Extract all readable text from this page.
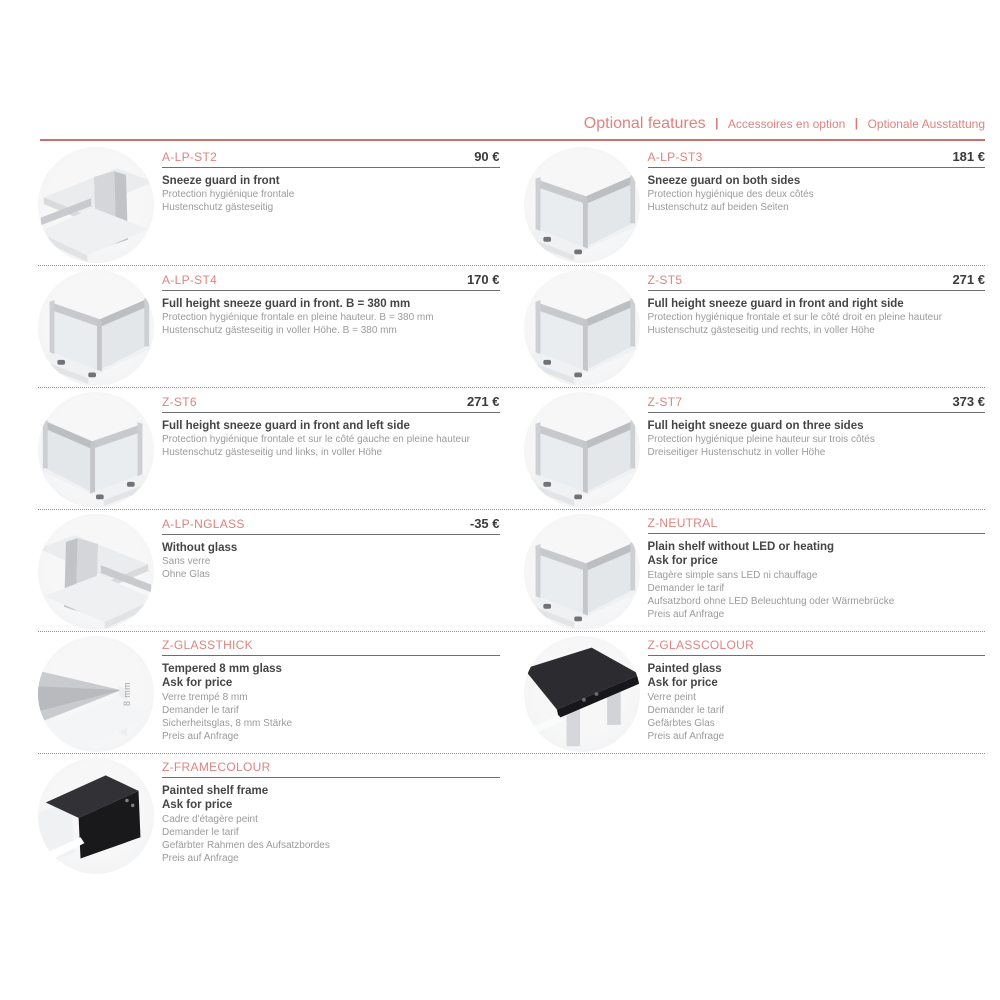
Optional features | Accessoires en option | Optionale Ausstattung
A-LP-ST2	90 €

Sneeze guard in front

Protection hygiénique frontale

Hustenschutz gästeseitig

A-LP-ST3	181 €

Sneeze guard on both sides

Protection hygiénique des deux côtés

Hustenschutz auf beiden Seiten

A-LP-ST4	170 €

Full height sneeze guard in front. B = 380 mm

Protection hygiénique frontale en pleine hauteur. B = 380 mm

Hustenschutz gästeseitig in voller Höhe. B = 380 mm

Z-ST5	271 €

Full height sneeze guard in front and right side

Protection hygiénique frontale et sur le côté droit en pleine hauteur

Hustenschutz gästeseitig und rechts, in voller Höhe

Z-ST6	271 €

Full height sneeze guard in front and left side

Protection hygiénique frontale et sur le côté gauche en pleine hauteur

Hustenschutz gästeseitig und links, in voller Höhe

Z-ST7	373 €

Full height sneeze guard on three sides

Protection hygiénique pleine hauteur sur trois côtés

Dreiseitiger Hustenschutz in voller Höhe

A-LP-NGLASS	-35 €

Without glass

Sans verre

Ohne Glas

Z-NEUTRAL

Plain shelf without LED or heating

Ask for price

Etagère simple sans LED ni chauffage

Demander le tarif

Aufsatzbord ohne LED Beleuchtung oder Wärmebrücke

Preis auf Anfrage

8 mm
Z-GLASSTHICK

Tempered 8 mm glass

Ask for price

Verre trempé 8 mm

Demander le tarif

Sicherheitsglas, 8 mm Stärke

Preis auf Anfrage

Z-GLASSCOLOUR

Painted glass

Ask for price

Verre peint

Demander le tarif

Gefärbtes Glas

Preis auf Anfrage

Z-FRAMECOLOUR

Painted shelf frame

Ask for price

Cadre d'étagère peint

Demander le tarif

Gefärbter Rahmen des Aufsatzbordes

Preis auf Anfrage
